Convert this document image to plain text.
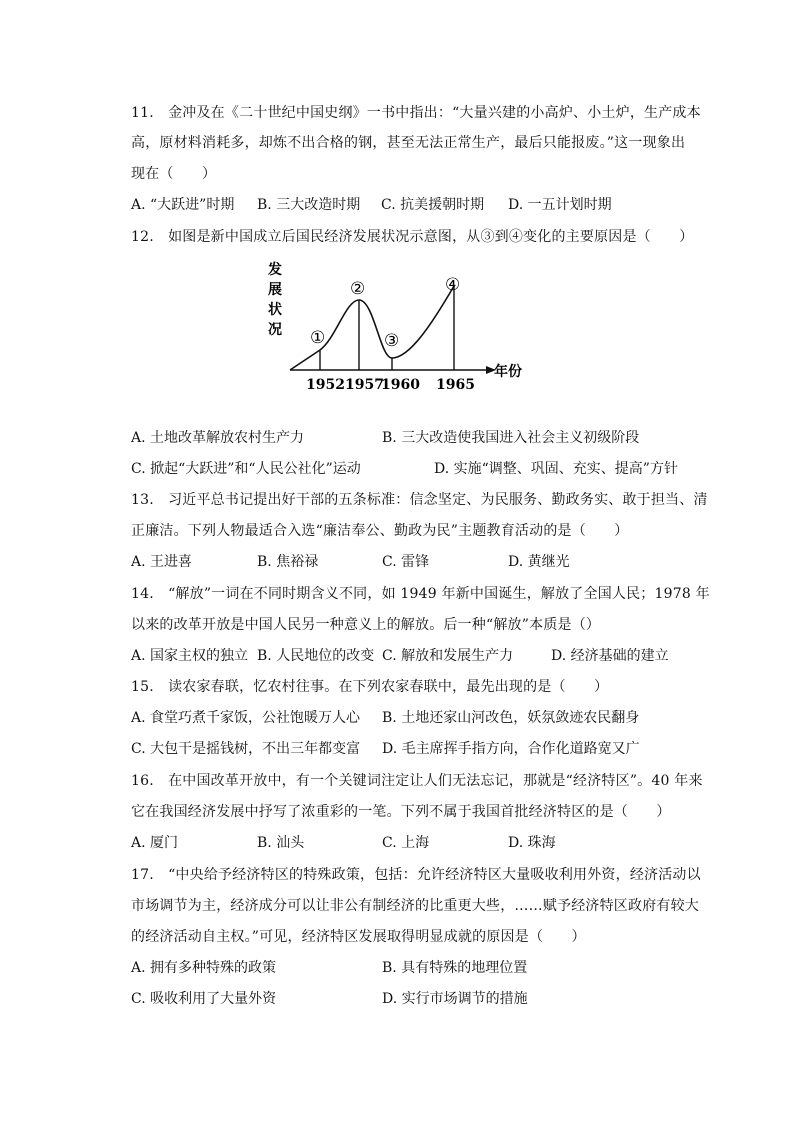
11.　金冲及在《二十世纪中国史纲》一书中指出：“大量兴建的小高炉、小土炉，生产成本
高，原材料消耗多，却炼不出合格的钢，甚至无法正常生产，最后只能报废。”这一现象出
现在（　　）
A. “大跃进”时期 B. 三大改造时期 C. 抗美援朝时期 D. 一五计划时期
12.　如图是新中国成立后国民经济发展状况示意图，从③到④变化的主要原因是（　　）
发
展
状
况
年份
①
②
③
④
1952 1957
1960 1965
A. 土地改革解放农村生产力	B. 三大改造使我国进入社会主义初级阶段
C. 掀起“大跃进”和“人民公社化”运动	D. 实施“调整、巩固、充实、提高”方针
13.　习近平总书记提出好干部的五条标准：信念坚定、为民服务、勤政务实、敢于担当、清
正廉洁。下列人物最适合入选“廉洁奉公、勤政为民”主题教育活动的是（　　）
A. 王进喜	B. 焦裕禄	C. 雷锋	D. 黄继光
14.　“解放”一词在不同时期含义不同，如 1949 年新中国诞生，解放了全国人民；1978 年
以来的改革开放是中国人民另一种意义上的解放。后一种“解放”本质是（）
A. 国家主权的独立 B. 人民地位的改变 C. 解放和发展生产力	D. 经济基础的建立
15.　读农家春联，忆农村往事。在下列农家春联中，最先出现的是（　　）
A. 食堂巧煮千家饭，公社饱暖万人心 B. 土地还家山河改色，妖氛敛迹农民翻身
C. 大包干是摇钱树，不出三年都变富 D. 毛主席挥手指方向，合作化道路宽又广
16.　在中国改革开放中，有一个关键词注定让人们无法忘记，那就是“经济特区”。40 年来
它在我国经济发展中抒写了浓重彩的一笔。下列不属于我国首批经济特区的是（　　）
A. 厦门	B. 汕头	C. 上海	D. 珠海
17.　“中央给予经济特区的特殊政策，包括：允许经济特区大量吸收利用外资，经济活动以
市场调节为主，经济成分可以让非公有制经济的比重更大些，……赋予经济特区政府有较大
的经济活动自主权。”可见，经济特区发展取得明显成就的原因是（　　）
A. 拥有多种特殊的政策	B. 具有特殊的地理位置
C. 吸收利用了大量外资	D. 实行市场调节的措施
